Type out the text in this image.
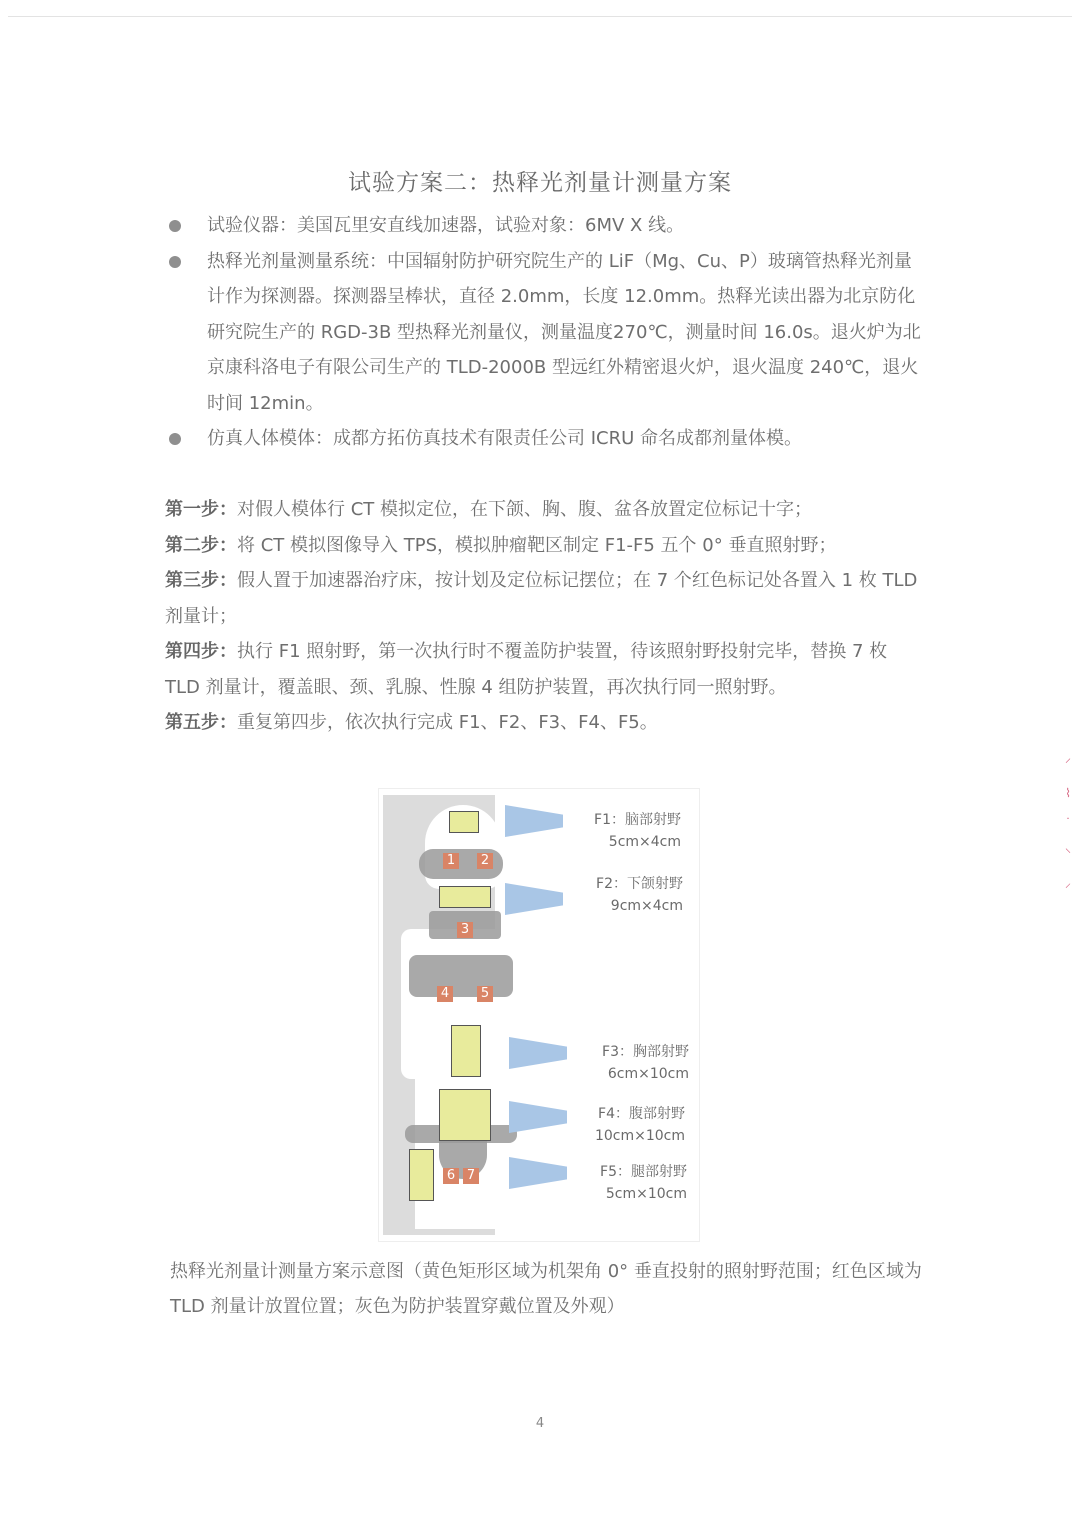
试验方案二：热释光剂量计测量方案
试验仪器：美国瓦里安直线加速器，试验对象：6MV X 线。
热释光剂量测量系统：中国辐射防护研究院生产的 LiF（Mg、Cu、P）玻璃管热释光剂量计作为探测器。探测器呈棒状，直径 2.0mm，长度 12.0mm。热释光读出器为北京防化研究院生产的 RGD-3B 型热释光剂量仪，测量温度270℃，测量时间 16.0s。退火炉为北京康科洛电子有限公司生产的 TLD-2000B 型远红外精密退火炉，退火温度 240℃，退火时间 12min。
仿真人体模体：成都方拓仿真技术有限责任公司 ICRU 命名成都剂量体模。
第一步：对假人模体行 CT 模拟定位，在下颌、胸、腹、盆各放置定位标记十字；
第二步：将 CT 模拟图像导入 TPS，模拟肿瘤靶区制定 F1-F5 五个 0° 垂直照射野；
第三步：假人置于加速器治疗床，按计划及定位标记摆位；在 7 个红色标记处各置入 1 枚 TLD 剂量计；
第四步：执行 F1 照射野，第一次执行时不覆盖防护装置，待该照射野投射完毕，替换 7 枚 TLD 剂量计，覆盖眼、颈、乳腺、性腺 4 组防护装置，再次执行同一照射野。
第五步：重复第四步，依次执行完成 F1、F2、F3、F4、F5。
1 2
3
4 5
6 7
F1：脑部射野
5cm×4cm
F2：下颌射野
9cm×4cm
F3：胸部射野
6cm×10cm
F4：腹部射野
10cm×10cm
F5：腿部射野
5cm×10cm
热释光剂量计测量方案示意图（黄色矩形区域为机架角 0° 垂直投射的照射野范围；红色区域为 TLD 剂量计放置位置；灰色为防护装置穿戴位置及外观）
⸍
⌇
˙
⸌
⸝
4
